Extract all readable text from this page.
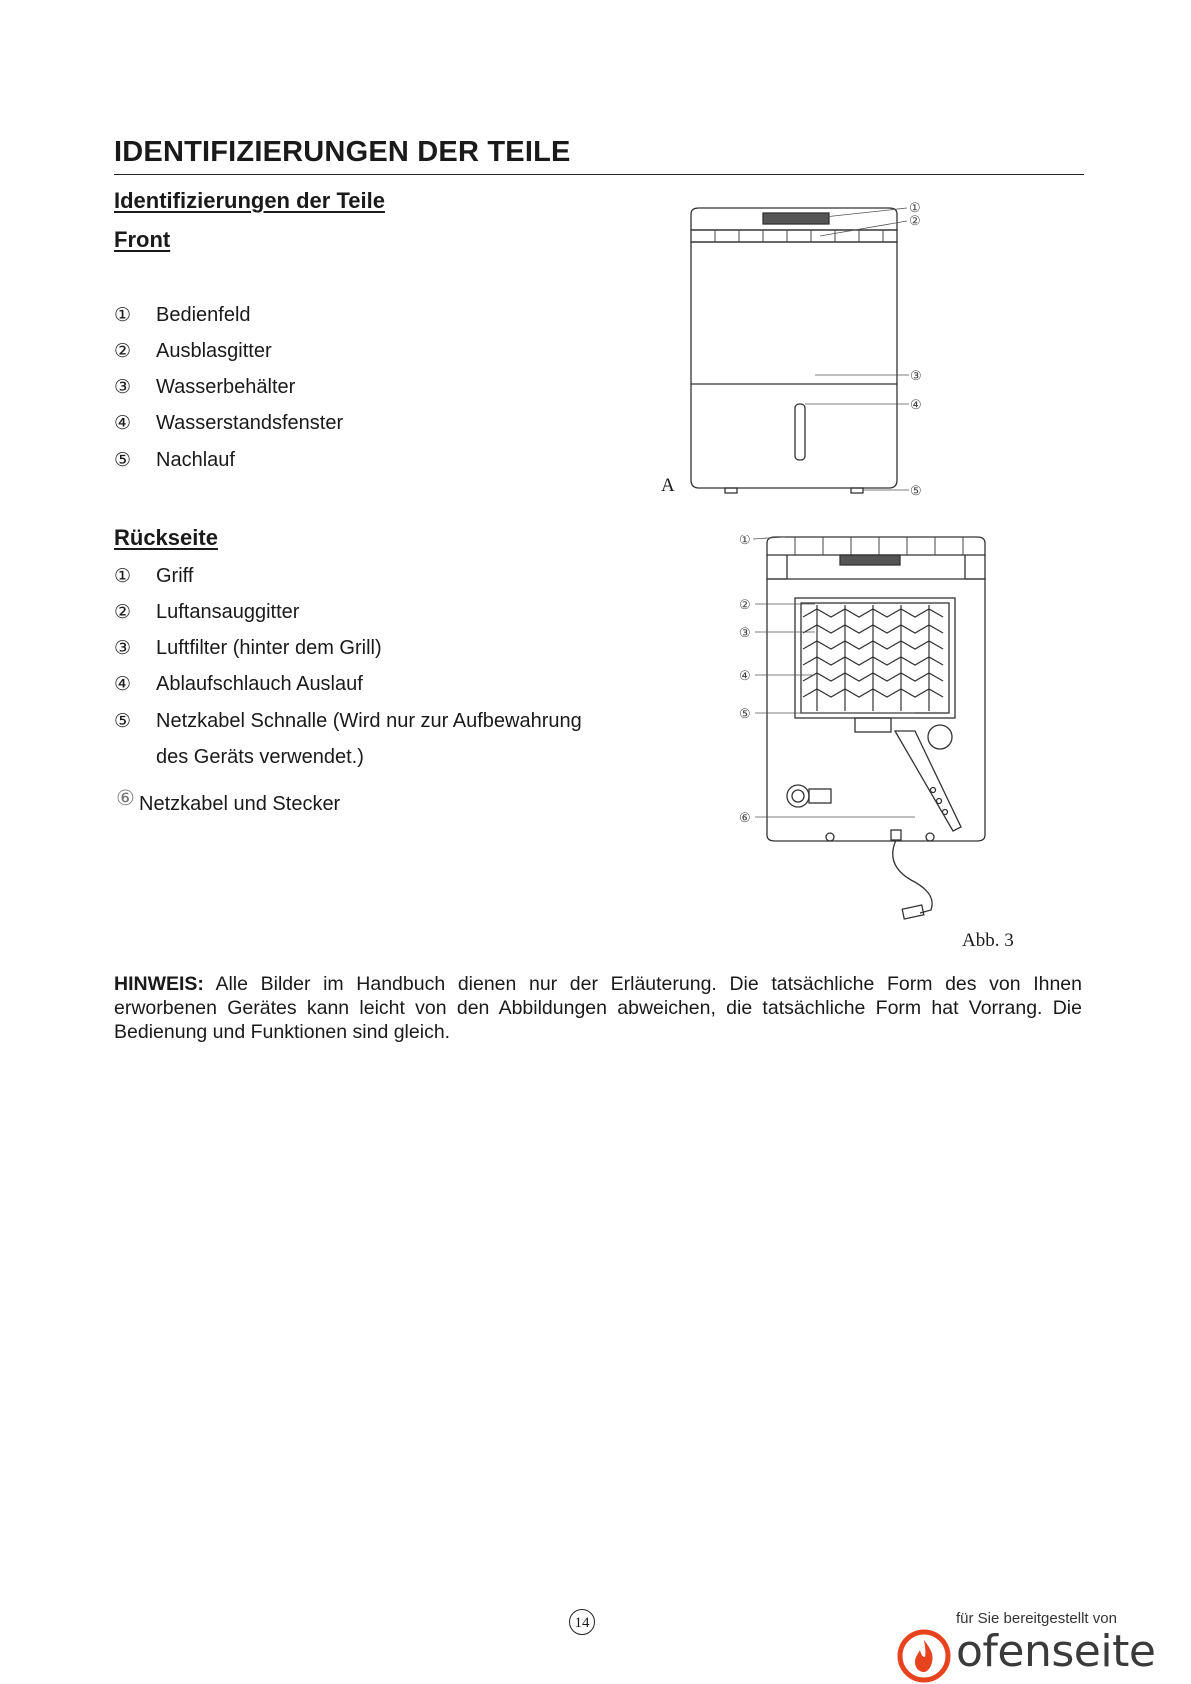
IDENTIFIZIERUNGEN DER TEILE
Identifizierungen der Teile
Front
① Bedienfeld
② Ausblasgitter
③ Wasserbehälter
④ Wasserstandsfenster
⑤ Nachlauf
Rückseite
① Griff
② Luftansauggitter
③ Luftfilter (hinter dem Grill)
④ Ablaufschlauch Auslauf
⑤ Netzkabel Schnalle (Wird nur zur Aufbewahrung
des Geräts verwendet.)
⑥ Netzkabel und Stecker
①
②
③
④
⑤
A
①
②
③
④
⑤
⑥
Abb. 3
HINWEIS: Alle Bilder im Handbuch dienen nur der Erläuterung. Die tatsächliche Form des von Ihnen erworbenen Gerätes kann leicht von den Abbildungen abweichen, die tatsächliche Form hat Vorrang. Die Bedienung und Funktionen sind gleich.
14	für Sie bereitgestellt von
ofenseite
